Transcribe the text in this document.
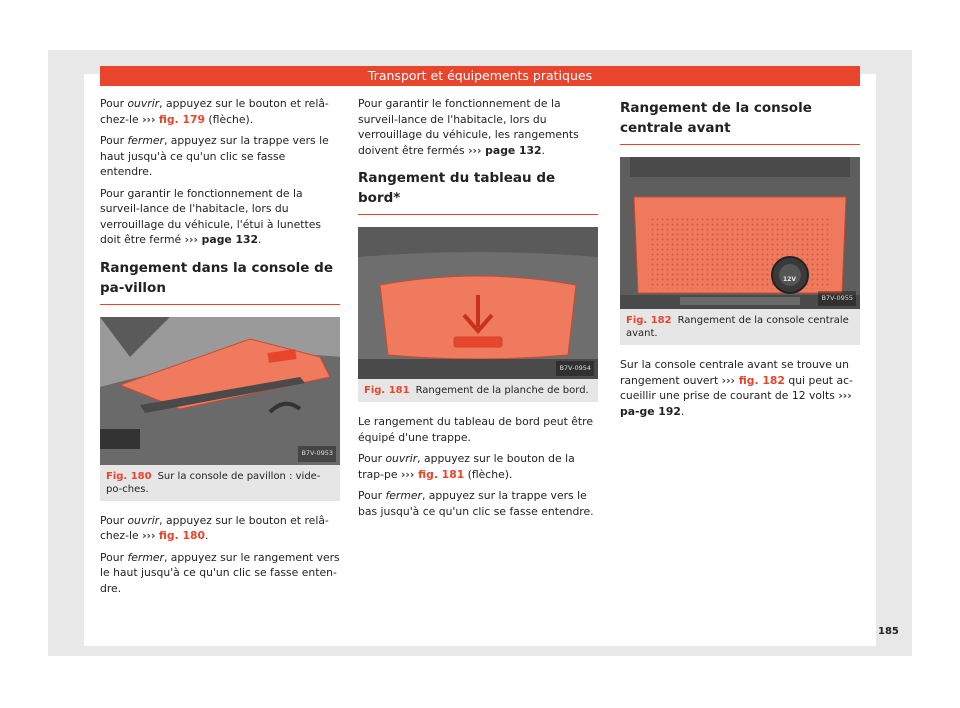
Transport et équipements pratiques

Pour ouvrir, appuyez sur le bouton et relâ-chez-le ››› fig. 179 (flèche).

Pour fermer, appuyez sur la trappe vers le haut jusqu'à ce qu'un clic se fasse entendre.

Pour garantir le fonctionnement de la surveil-lance de l'habitacle, lors du verrouillage du véhicule, l'étui à lunettes doit être fermé ››› page 132.

Rangement dans la console de pa-villon
B7V-0953
Fig. 180 Sur la console de pavillon : vide-po-ches.

Pour ouvrir, appuyez sur le bouton et relâ-chez-le ››› fig. 180.

Pour fermer, appuyez sur le rangement vers le haut jusqu'à ce qu'un clic se fasse enten-dre.

Pour garantir le fonctionnement de la surveil-lance de l'habitacle, lors du verrouillage du véhicule, les rangements doivent être fermés ››› page 132.

Rangement du tableau de bord*
B7V-0954
Fig. 181 Rangement de la planche de bord.

Le rangement du tableau de bord peut être équipé d'une trappe.

Pour ouvrir, appuyez sur le bouton de la trap-pe ››› fig. 181 (flèche).

Pour fermer, appuyez sur la trappe vers le bas jusqu'à ce qu'un clic se fasse entendre.

Rangement de la console centrale avant
12V
B7V-0955
Fig. 182 Rangement de la console centrale avant.

Sur la console centrale avant se trouve un rangement ouvert ››› fig. 182 qui peut ac-cueillir une prise de courant de 12 volts ››› pa-ge 192.

185
